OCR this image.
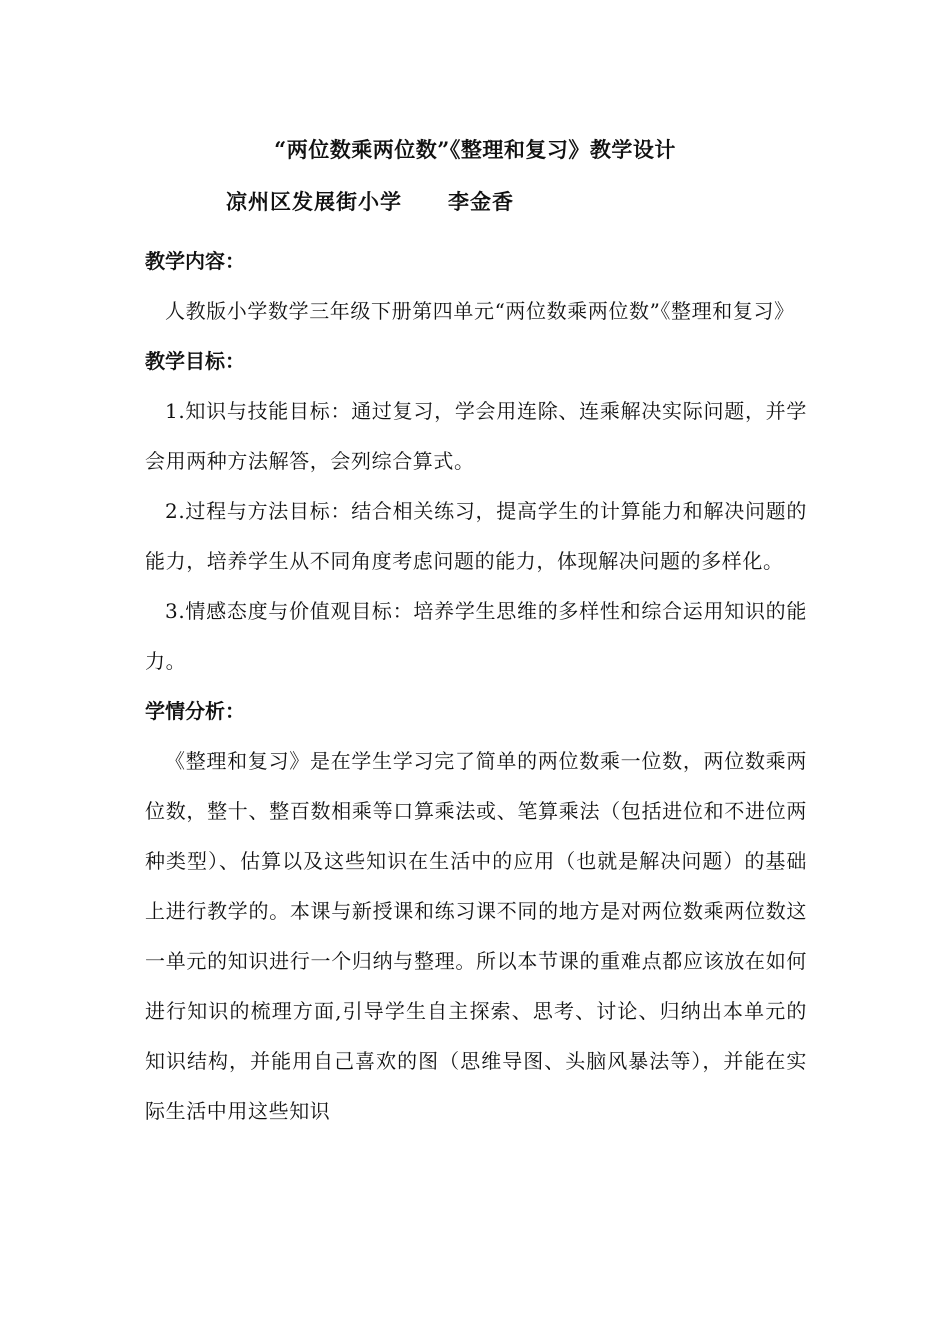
“两位数乘两位数”《整理和复习》教学设计
凉州区发展街小学 李金香

教学内容：

人教版小学数学三年级下册第四单元“两位数乘两位数”《整理和复习》

教学目标：

1.知识与技能目标：通过复习，学会用连除、连乘解决实际问题，并学会用两种方法解答，会列综合算式。

2.过程与方法目标：结合相关练习，提高学生的计算能力和解决问题的能力，培养学生从不同角度考虑问题的能力，体现解决问题的多样化。

3.情感态度与价值观目标：培养学生思维的多样性和综合运用知识的能力。

学情分析：

《整理和复习》是在学生学习完了简单的两位数乘一位数，两位数乘两位数，整十、整百数相乘等口算乘法或、笔算乘法（包括进位和不进位两种类型）、估算以及这些知识在生活中的应用（也就是解决问题）的基础上进行教学的。本课与新授课和练习课不同的地方是对两位数乘两位数这一单元的知识进行一个归纳与整理。所以本节课的重难点都应该放在如何进行知识的梳理方面,引导学生自主探索、思考、讨论、归纳出本单元的知识结构，并能用自己喜欢的图（思维导图、头脑风暴法等），并能在实际生活中用这些知识
